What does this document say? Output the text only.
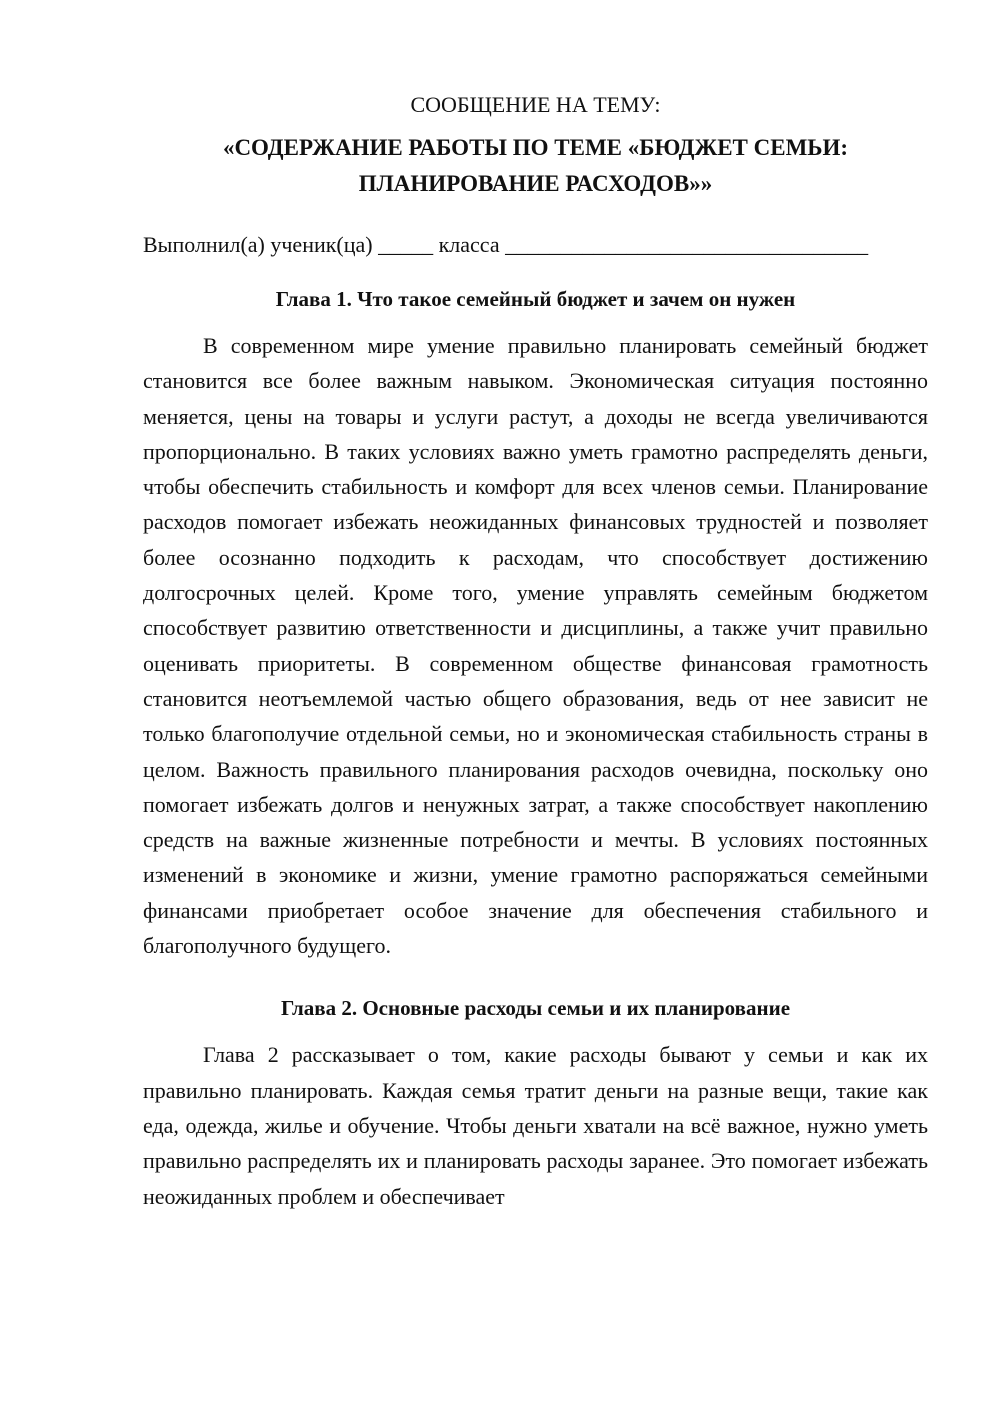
СООБЩЕНИЕ НА ТЕМУ:

«СОДЕРЖАНИЕ РАБОТЫ ПО ТЕМЕ «БЮДЖЕТ СЕМЬИ:
ПЛАНИРОВАНИЕ РАСХОДОВ»»

Выполнил(а) ученик(ца) _____ класса _________________________________

Глава 1. Что такое семейный бюджет и зачем он нужен

В современном мире умение правильно планировать семейный бюджет становится все более важным навыком. Экономическая ситуация постоянно меняется, цены на товары и услуги растут, а доходы не всегда увеличиваются пропорционально. В таких условиях важно уметь грамотно распределять деньги, чтобы обеспечить стабильность и комфорт для всех членов семьи. Планирование расходов помогает избежать неожиданных финансовых трудностей и позволяет более осознанно подходить к расходам, что способствует достижению долгосрочных целей. Кроме того, умение управлять семейным бюджетом способствует развитию ответственности и дисциплины, а также учит правильно оценивать приоритеты. В современном обществе финансовая грамотность становится неотъемлемой частью общего образования, ведь от нее зависит не только благополучие отдельной семьи, но и экономическая стабильность страны в целом. Важность правильного планирования расходов очевидна, поскольку оно помогает избежать долгов и ненужных затрат, а также способствует накоплению средств на важные жизненные потребности и мечты. В условиях постоянных изменений в экономике и жизни, умение грамотно распоряжаться семейными финансами приобретает особое значение для обеспечения стабильного и благополучного будущего.

Глава 2. Основные расходы семьи и их планирование

Глава 2 рассказывает о том, какие расходы бывают у семьи и как их правильно планировать. Каждая семья тратит деньги на разные вещи, такие как еда, одежда, жилье и обучение. Чтобы деньги хватали на всё важное, нужно уметь правильно распределять их и планировать расходы заранее. Это помогает избежать неожиданных проблем и обеспечивает
